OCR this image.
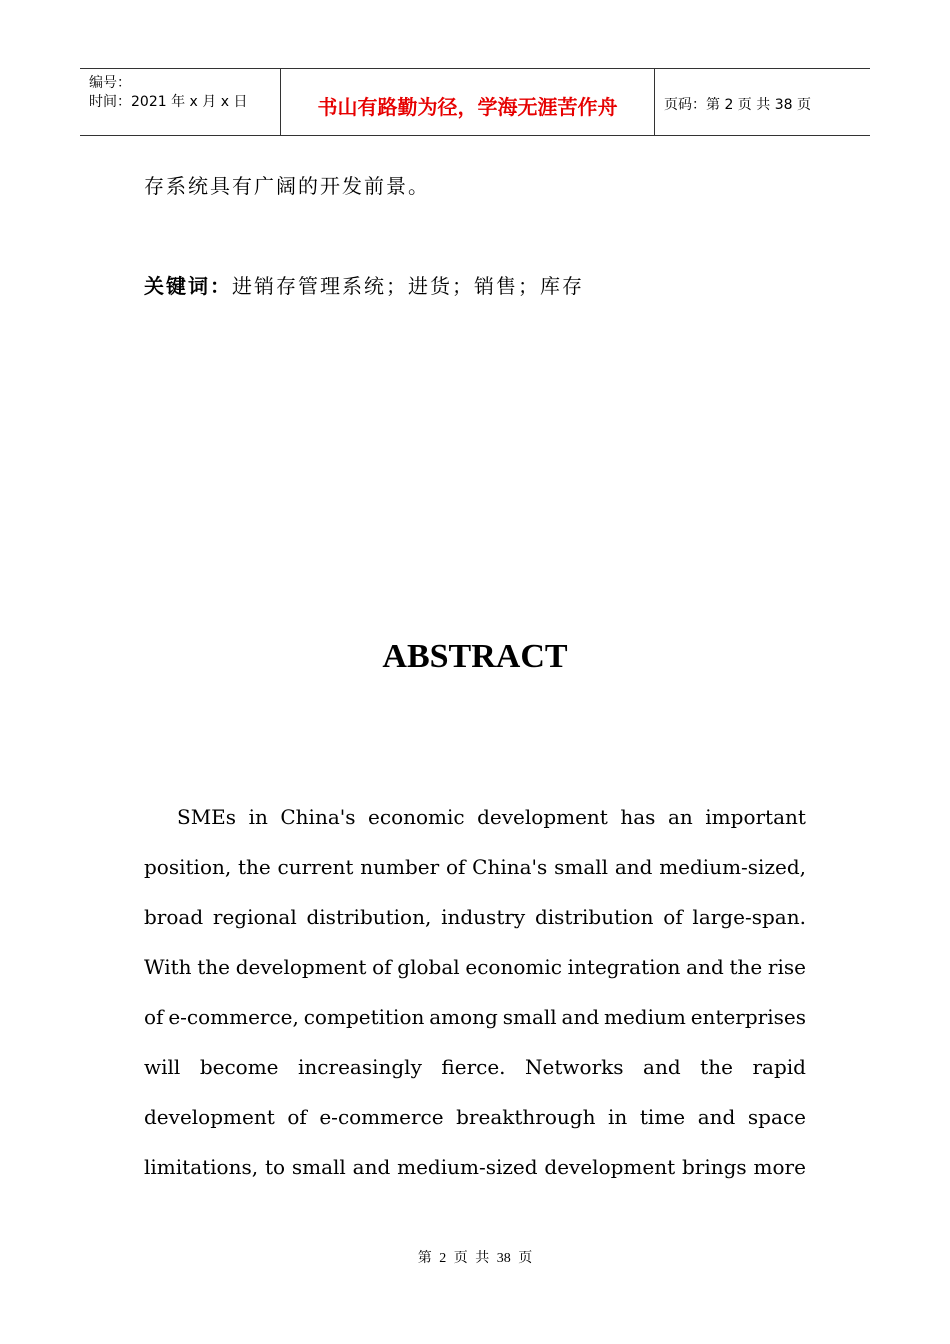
编号：
时间：2021 年 x 月 x 日	书山有路勤为径，学海无涯苦作舟	页码：第 2 页 共 38 页
存系统具有广阔的开发前景。
关键词：进销存管理系统；进货；销售；库存
ABSTRACT
SMEs in China's economic development has an important
position, the current number of China's small and medium-sized,
broad regional distribution, industry distribution of large-span.
With the development of global economic integration and the rise
of e-commerce, competition among small and medium enterprises
will become increasingly fierce. Networks and the rapid
development of e-commerce breakthrough in time and space
limitations, to small and medium-sized development brings more
第 2 页 共 38 页
